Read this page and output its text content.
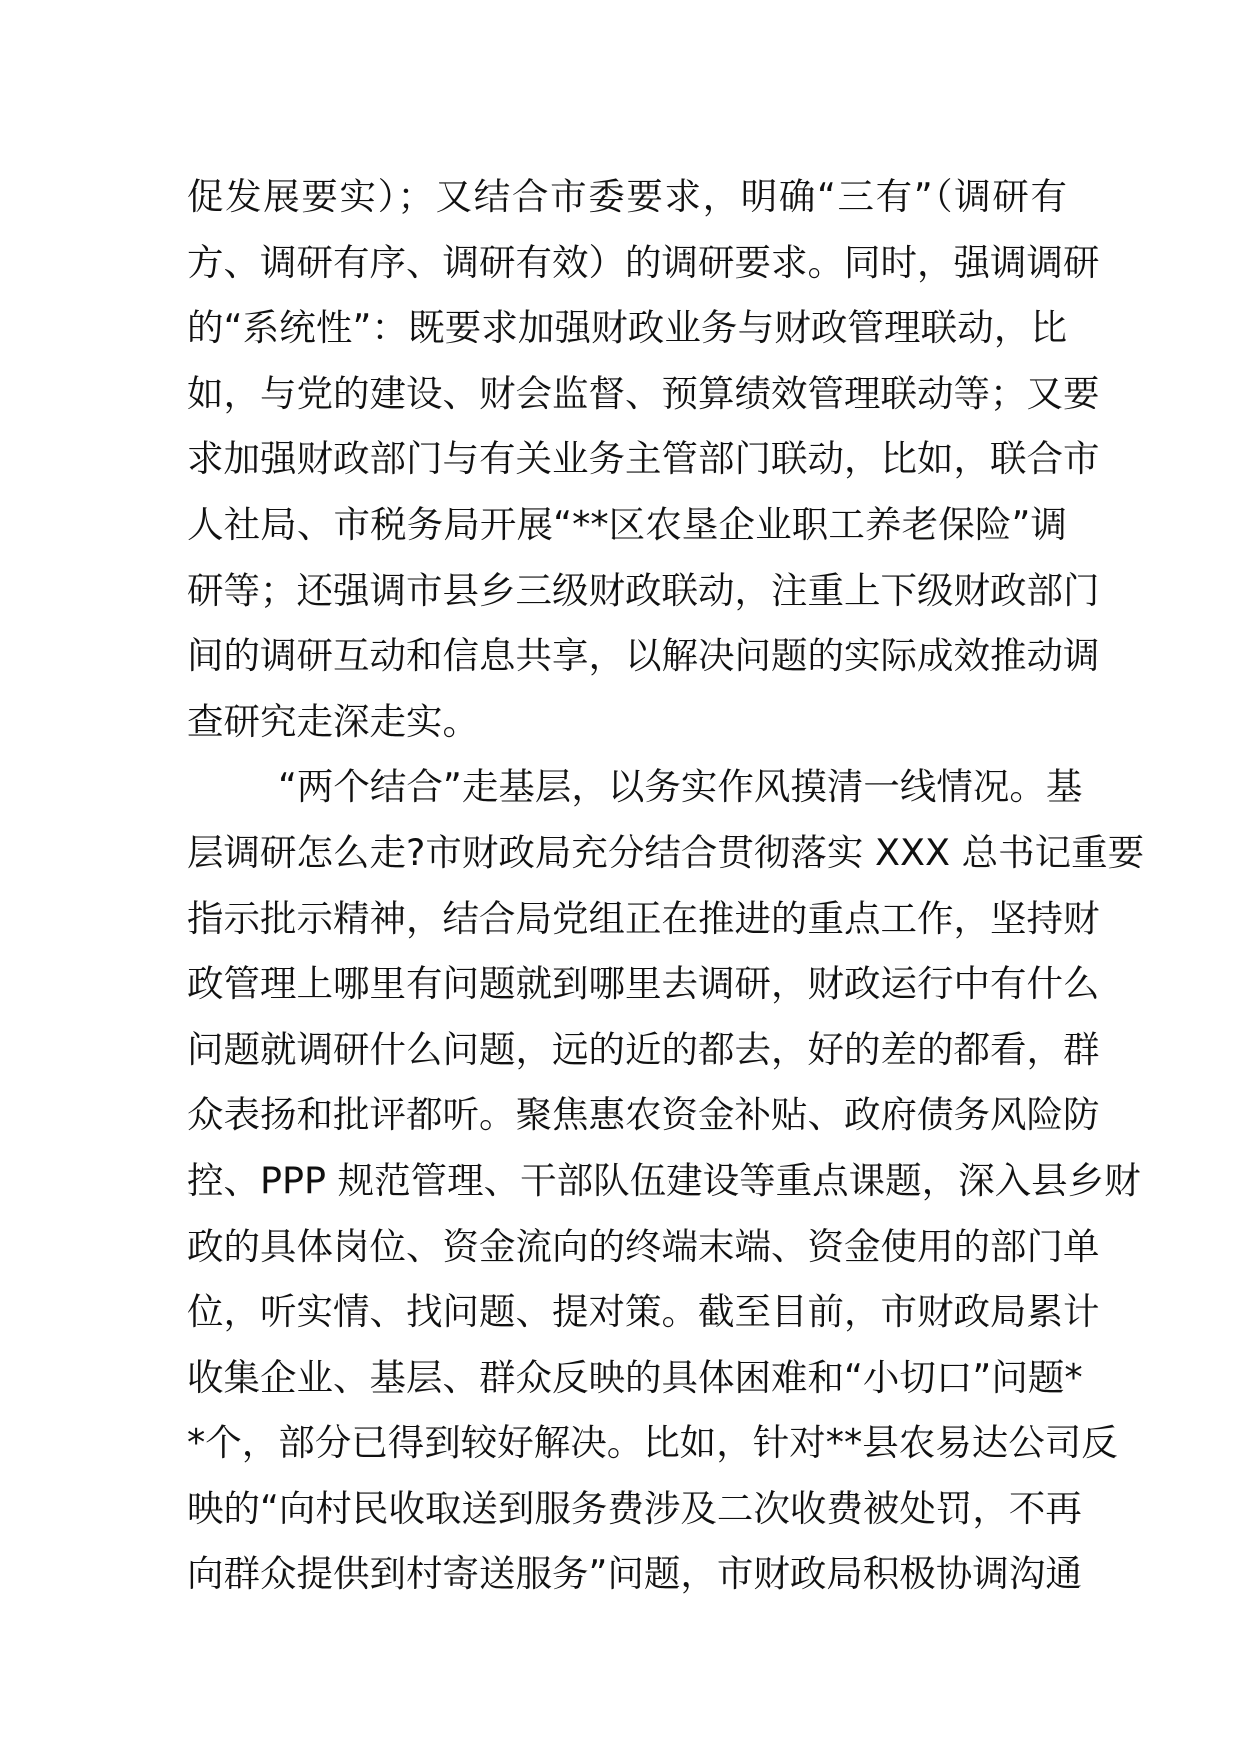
促发展要实）；又结合市委要求，明确“三有”（调研有
方、调研有序、调研有效）的调研要求。同时，强调调研
的“系统性”：既要求加强财政业务与财政管理联动，比
如，与党的建设、财会监督、预算绩效管理联动等；又要
求加强财政部门与有关业务主管部门联动，比如，联合市
人社局、市税务局开展“**区农垦企业职工养老保险”调
研等；还强调市县乡三级财政联动，注重上下级财政部门
间的调研互动和信息共享，以解决问题的实际成效推动调
查研究走深走实。
“两个结合”走基层，以务实作风摸清一线情况。基
层调研怎么走?市财政局充分结合贯彻落实 XXX 总书记重要
指示批示精神，结合局党组正在推进的重点工作，坚持财
政管理上哪里有问题就到哪里去调研，财政运行中有什么
问题就调研什么问题，远的近的都去，好的差的都看，群
众表扬和批评都听。聚焦惠农资金补贴、政府债务风险防
控、PPP 规范管理、干部队伍建设等重点课题，深入县乡财
政的具体岗位、资金流向的终端末端、资金使用的部门单
位，听实情、找问题、提对策。截至目前，市财政局累计
收集企业、基层、群众反映的具体困难和“小切口”问题*
*个，部分已得到较好解决。比如，针对**县农易达公司反
映的“向村民收取送到服务费涉及二次收费被处罚，不再
向群众提供到村寄送服务”问题，市财政局积极协调沟通
